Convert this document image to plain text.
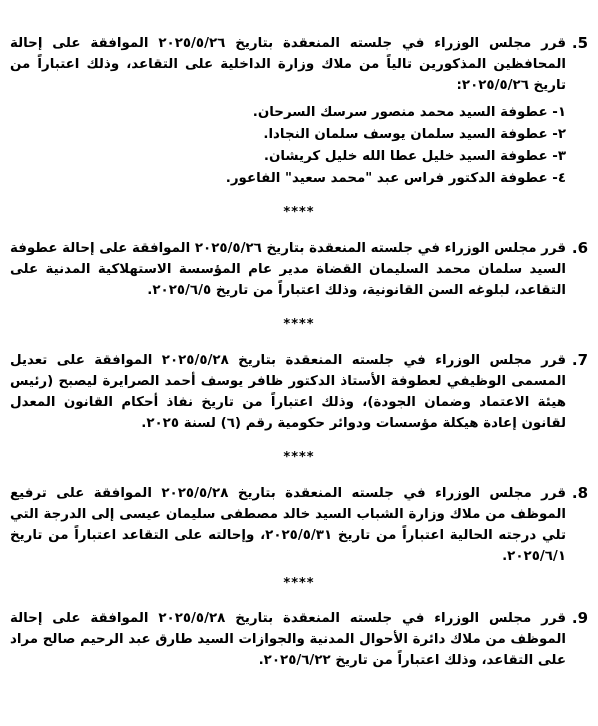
5.

قرر مجلس الوزراء في جلسته المنعقدة بتاريخ ٢٠٢٥/٥/٢٦ الموافقة على إحالة المحافظين المذكورين تالياً من ملاك وزارة الداخلية على التقاعد، وذلك اعتباراً من تاريخ ٢٠٢٥/٥/٢٦:

١- عطوفة السيد محمد منصور سرسك السرحان.
٢- عطوفة السيد سلمان يوسف سلمان النجادا.
٣- عطوفة السيد خليل عطا الله خليل كريشان.
٤- عطوفة الدكتور فراس عبد "محمد سعيد" الفاعور.
****
6.

قرر مجلس الوزراء في جلسته المنعقدة بتاريخ ٢٠٢٥/٥/٢٦ الموافقة على إحالة عطوفة السيد سلمان محمد السليمان القضاة مدير عام المؤسسة الاستهلاكية المدنية على التقاعد، لبلوغه السن القانونية، وذلك اعتباراً من تاريخ ٢٠٢٥/٦/٥.

****
7.

قرر مجلس الوزراء في جلسته المنعقدة بتاريخ ٢٠٢٥/٥/٢٨ الموافقة على تعديل المسمى الوظيفي لعطوفة الأستاذ الدكتور ظافر يوسف أحمد الصرايرة ليصبح (رئيس هيئة الاعتماد وضمان الجودة)، وذلك اعتباراً من تاريخ نفاذ أحكام القانون المعدل لقانون إعادة هيكلة مؤسسات ودوائر حكومية رقم (٦) لسنة ٢٠٢٥.

****
8.

قرر مجلس الوزراء في جلسته المنعقدة بتاريخ ٢٠٢٥/٥/٢٨ الموافقة على ترفيع الموظف من ملاك وزارة الشباب السيد خالد مصطفى سليمان عيسى إلى الدرجة التي تلي درجته الحالية اعتباراً من تاريخ ٢٠٢٥/٥/٣١، وإحالته على التقاعد اعتباراً من تاريخ ٢٠٢٥/٦/١.

****
9.

قرر مجلس الوزراء في جلسته المنعقدة بتاريخ ٢٠٢٥/٥/٢٨ الموافقة على إحالة الموظف من ملاك دائرة الأحوال المدنية والجوازات السيد طارق عبد الرحيم صالح مراد على التقاعد، وذلك اعتباراً من تاريخ ٢٠٢٥/٦/٢٢.
